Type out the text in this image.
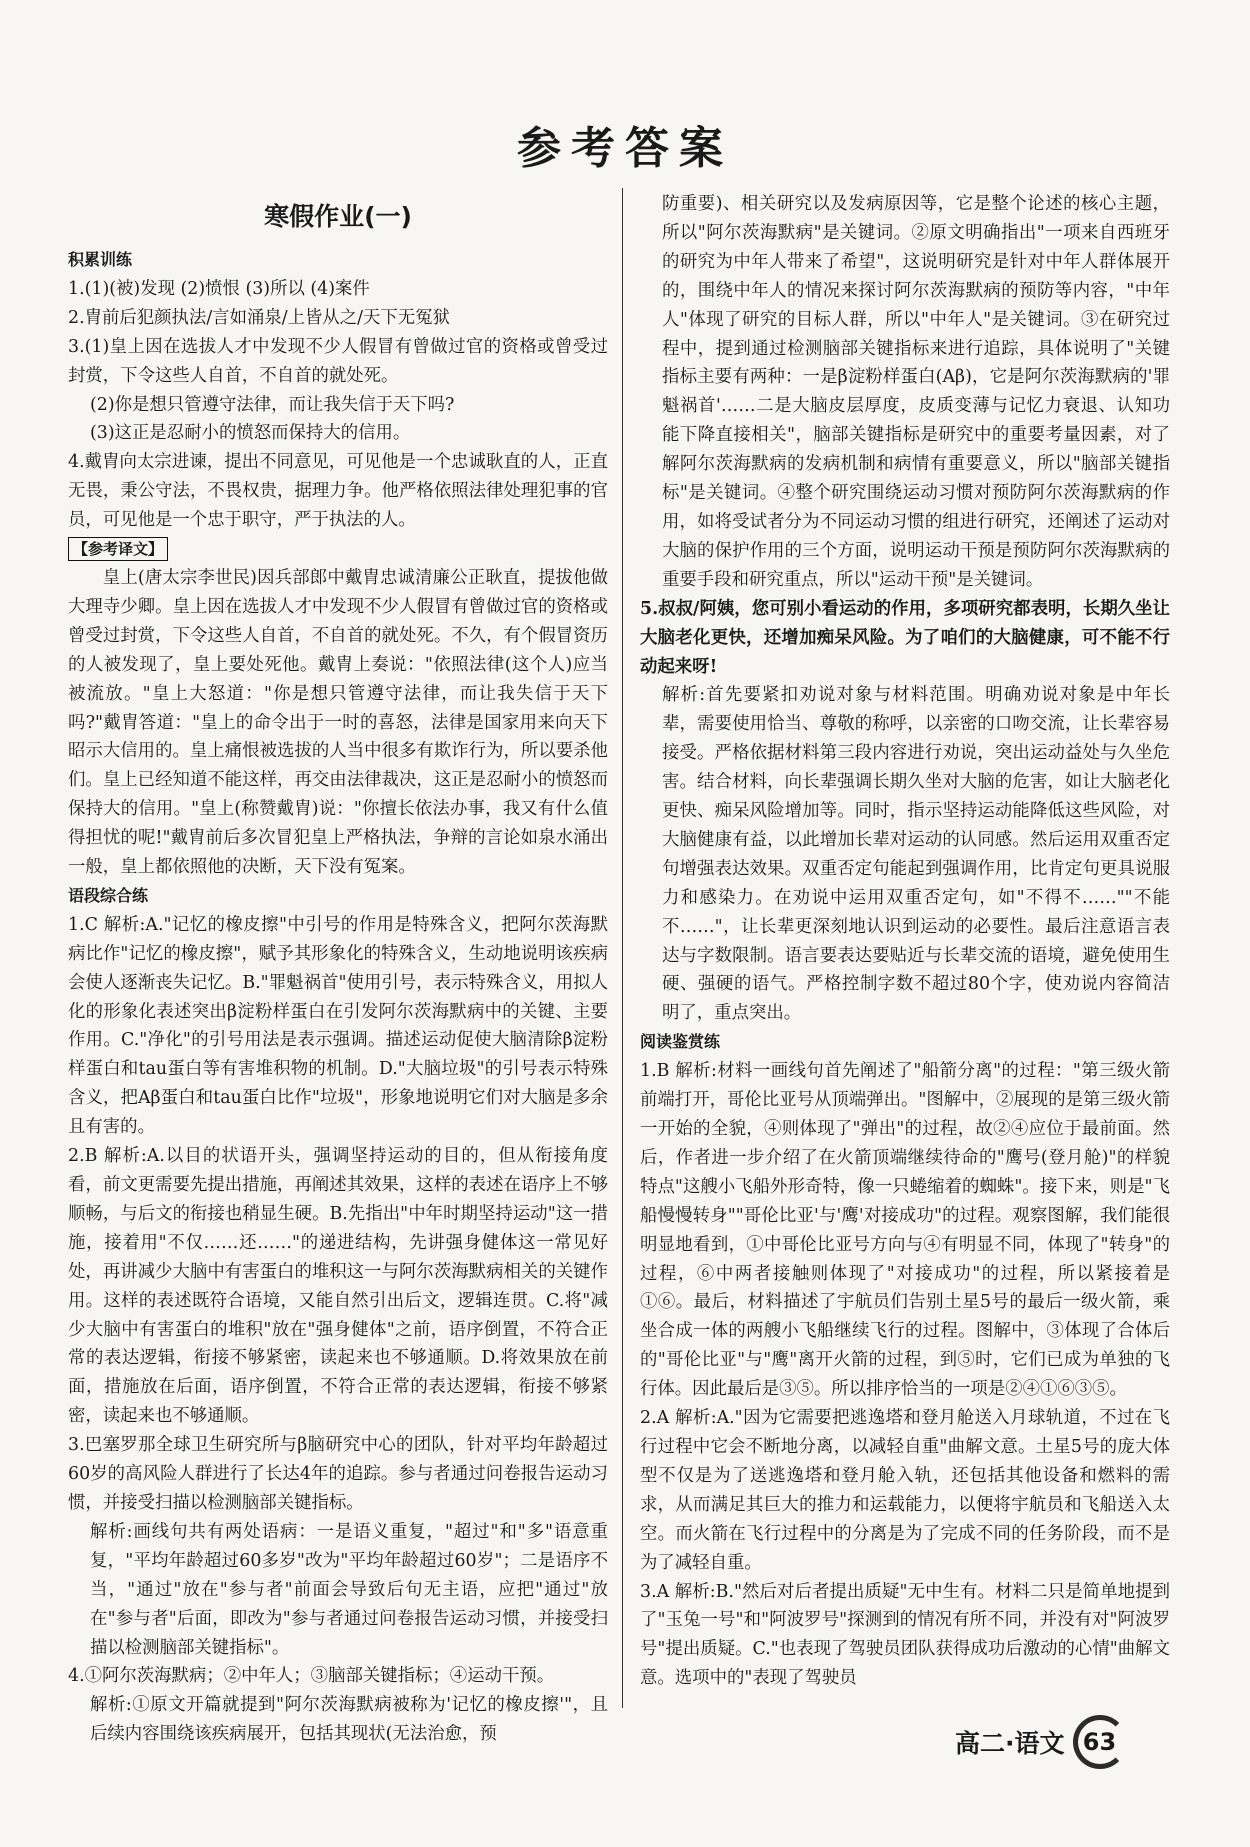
参考答案

寒假作业(一)

积累训练

1.(1)(被)发现 (2)愤恨 (3)所以 (4)案件

2.胄前后犯颜执法/言如涌泉/上皆从之/天下无冤狱

3.(1)皇上因在选拔人才中发现不少人假冒有曾做过官的资格或曾受过封赏，下令这些人自首，不自首的就处死。

(2)你是想只管遵守法律，而让我失信于天下吗?

(3)这正是忍耐小的愤怒而保持大的信用。

4.戴胄向太宗进谏，提出不同意见，可见他是一个忠诚耿直的人，正直无畏，秉公守法，不畏权贵，据理力争。他严格依照法律处理犯事的官员，可见他是一个忠于职守，严于执法的人。

【参考译文】

皇上(唐太宗李世民)因兵部郎中戴胄忠诚清廉公正耿直，提拔他做大理寺少卿。皇上因在选拔人才中发现不少人假冒有曾做过官的资格或曾受过封赏，下令这些人自首，不自首的就处死。不久，有个假冒资历的人被发现了，皇上要处死他。戴胄上奏说："依照法律(这个人)应当被流放。"皇上大怒道："你是想只管遵守法律，而让我失信于天下吗?"戴胄答道："皇上的命令出于一时的喜怒，法律是国家用来向天下昭示大信用的。皇上痛恨被选拔的人当中很多有欺诈行为，所以要杀他们。皇上已经知道不能这样，再交由法律裁决，这正是忍耐小的愤怒而保持大的信用。"皇上(称赞戴胄)说："你擅长依法办事，我又有什么值得担忧的呢!"戴胄前后多次冒犯皇上严格执法，争辩的言论如泉水涌出一般，皇上都依照他的决断，天下没有冤案。

语段综合练

1.C 解析:A."记忆的橡皮擦"中引号的作用是特殊含义，把阿尔茨海默病比作"记忆的橡皮擦"，赋予其形象化的特殊含义，生动地说明该疾病会使人逐渐丧失记忆。B."罪魁祸首"使用引号，表示特殊含义，用拟人化的形象化表述突出β淀粉样蛋白在引发阿尔茨海默病中的关键、主要作用。C."净化"的引号用法是表示强调。描述运动促使大脑清除β淀粉样蛋白和tau蛋白等有害堆积物的机制。D."大脑垃圾"的引号表示特殊含义，把Aβ蛋白和tau蛋白比作"垃圾"，形象地说明它们对大脑是多余且有害的。

2.B 解析:A.以目的状语开头，强调坚持运动的目的，但从衔接角度看，前文更需要先提出措施，再阐述其效果，这样的表述在语序上不够顺畅，与后文的衔接也稍显生硬。B.先指出"中年时期坚持运动"这一措施，接着用"不仅……还……"的递进结构，先讲强身健体这一常见好处，再讲减少大脑中有害蛋白的堆积这一与阿尔茨海默病相关的关键作用。这样的表述既符合语境，又能自然引出后文，逻辑连贯。C.将"减少大脑中有害蛋白的堆积"放在"强身健体"之前，语序倒置，不符合正常的表达逻辑，衔接不够紧密，读起来也不够通顺。D.将效果放在前面，措施放在后面，语序倒置，不符合正常的表达逻辑，衔接不够紧密，读起来也不够通顺。

3.巴塞罗那全球卫生研究所与β脑研究中心的团队，针对平均年龄超过60岁的高风险人群进行了长达4年的追踪。参与者通过问卷报告运动习惯，并接受扫描以检测脑部关键指标。

解析:画线句共有两处语病：一是语义重复，"超过"和"多"语意重复，"平均年龄超过60多岁"改为"平均年龄超过60岁"；二是语序不当，"通过"放在"参与者"前面会导致后句无主语，应把"通过"放在"参与者"后面，即改为"参与者通过问卷报告运动习惯，并接受扫描以检测脑部关键指标"。

4.①阿尔茨海默病；②中年人；③脑部关键指标；④运动干预。

解析:①原文开篇就提到"阿尔茨海默病被称为'记忆的橡皮擦'"，且后续内容围绕该疾病展开，包括其现状(无法治愈，预

防重要)、相关研究以及发病原因等，它是整个论述的核心主题，所以"阿尔茨海默病"是关键词。②原文明确指出"一项来自西班牙的研究为中年人带来了希望"，这说明研究是针对中年人群体展开的，围绕中年人的情况来探讨阿尔茨海默病的预防等内容，"中年人"体现了研究的目标人群，所以"中年人"是关键词。③在研究过程中，提到通过检测脑部关键指标来进行追踪，具体说明了"关键指标主要有两种：一是β淀粉样蛋白(Aβ)，它是阿尔茨海默病的'罪魁祸首'……二是大脑皮层厚度，皮质变薄与记忆力衰退、认知功能下降直接相关"，脑部关键指标是研究中的重要考量因素，对了解阿尔茨海默病的发病机制和病情有重要意义，所以"脑部关键指标"是关键词。④整个研究围绕运动习惯对预防阿尔茨海默病的作用，如将受试者分为不同运动习惯的组进行研究，还阐述了运动对大脑的保护作用的三个方面，说明运动干预是预防阿尔茨海默病的重要手段和研究重点，所以"运动干预"是关键词。

5.叔叔/阿姨，您可别小看运动的作用，多项研究都表明，长期久坐让大脑老化更快，还增加痴呆风险。为了咱们的大脑健康，可不能不行动起来呀!

解析:首先要紧扣劝说对象与材料范围。明确劝说对象是中年长辈，需要使用恰当、尊敬的称呼，以亲密的口吻交流，让长辈容易接受。严格依据材料第三段内容进行劝说，突出运动益处与久坐危害。结合材料，向长辈强调长期久坐对大脑的危害，如让大脑老化更快、痴呆风险增加等。同时，指示坚持运动能降低这些风险，对大脑健康有益，以此增加长辈对运动的认同感。然后运用双重否定句增强表达效果。双重否定句能起到强调作用，比肯定句更具说服力和感染力。在劝说中运用双重否定句，如"不得不……""不能不……"，让长辈更深刻地认识到运动的必要性。最后注意语言表达与字数限制。语言要表达要贴近与长辈交流的语境，避免使用生硬、强硬的语气。严格控制字数不超过80个字，使劝说内容简洁明了，重点突出。

阅读鉴赏练

1.B 解析:材料一画线句首先阐述了"船箭分离"的过程："第三级火箭前端打开，哥伦比亚号从顶端弹出。"图解中，②展现的是第三级火箭一开始的全貌，④则体现了"弹出"的过程，故②④应位于最前面。然后，作者进一步介绍了在火箭顶端继续待命的"鹰号(登月舱)"的样貌特点"这艘小飞船外形奇特，像一只蜷缩着的蜘蛛"。接下来，则是"飞船慢慢转身""哥伦比亚'与'鹰'对接成功"的过程。观察图解，我们能很明显地看到，①中哥伦比亚号方向与④有明显不同，体现了"转身"的过程，⑥中两者接触则体现了"对接成功"的过程，所以紧接着是①⑥。最后，材料描述了宇航员们告别土星5号的最后一级火箭，乘坐合成一体的两艘小飞船继续飞行的过程。图解中，③体现了合体后的"哥伦比亚"与"鹰"离开火箭的过程，到⑤时，它们已成为单独的飞行体。因此最后是③⑤。所以排序恰当的一项是②④①⑥③⑤。

2.A 解析:A."因为它需要把逃逸塔和登月舱送入月球轨道，不过在飞行过程中它会不断地分离，以减轻自重"曲解文意。土星5号的庞大体型不仅是为了送逃逸塔和登月舱入轨，还包括其他设备和燃料的需求，从而满足其巨大的推力和运载能力，以便将宇航员和飞船送入太空。而火箭在飞行过程中的分离是为了完成不同的任务阶段，而不是为了减轻自重。

3.A 解析:B."然后对后者提出质疑"无中生有。材料二只是简单地提到了"玉兔一号"和"阿波罗号"探测到的情况有所不同，并没有对"阿波罗号"提出质疑。C."也表现了驾驶员团队获得成功后激动的心情"曲解文意。选项中的"表现了驾驶员

高二·语文 63
